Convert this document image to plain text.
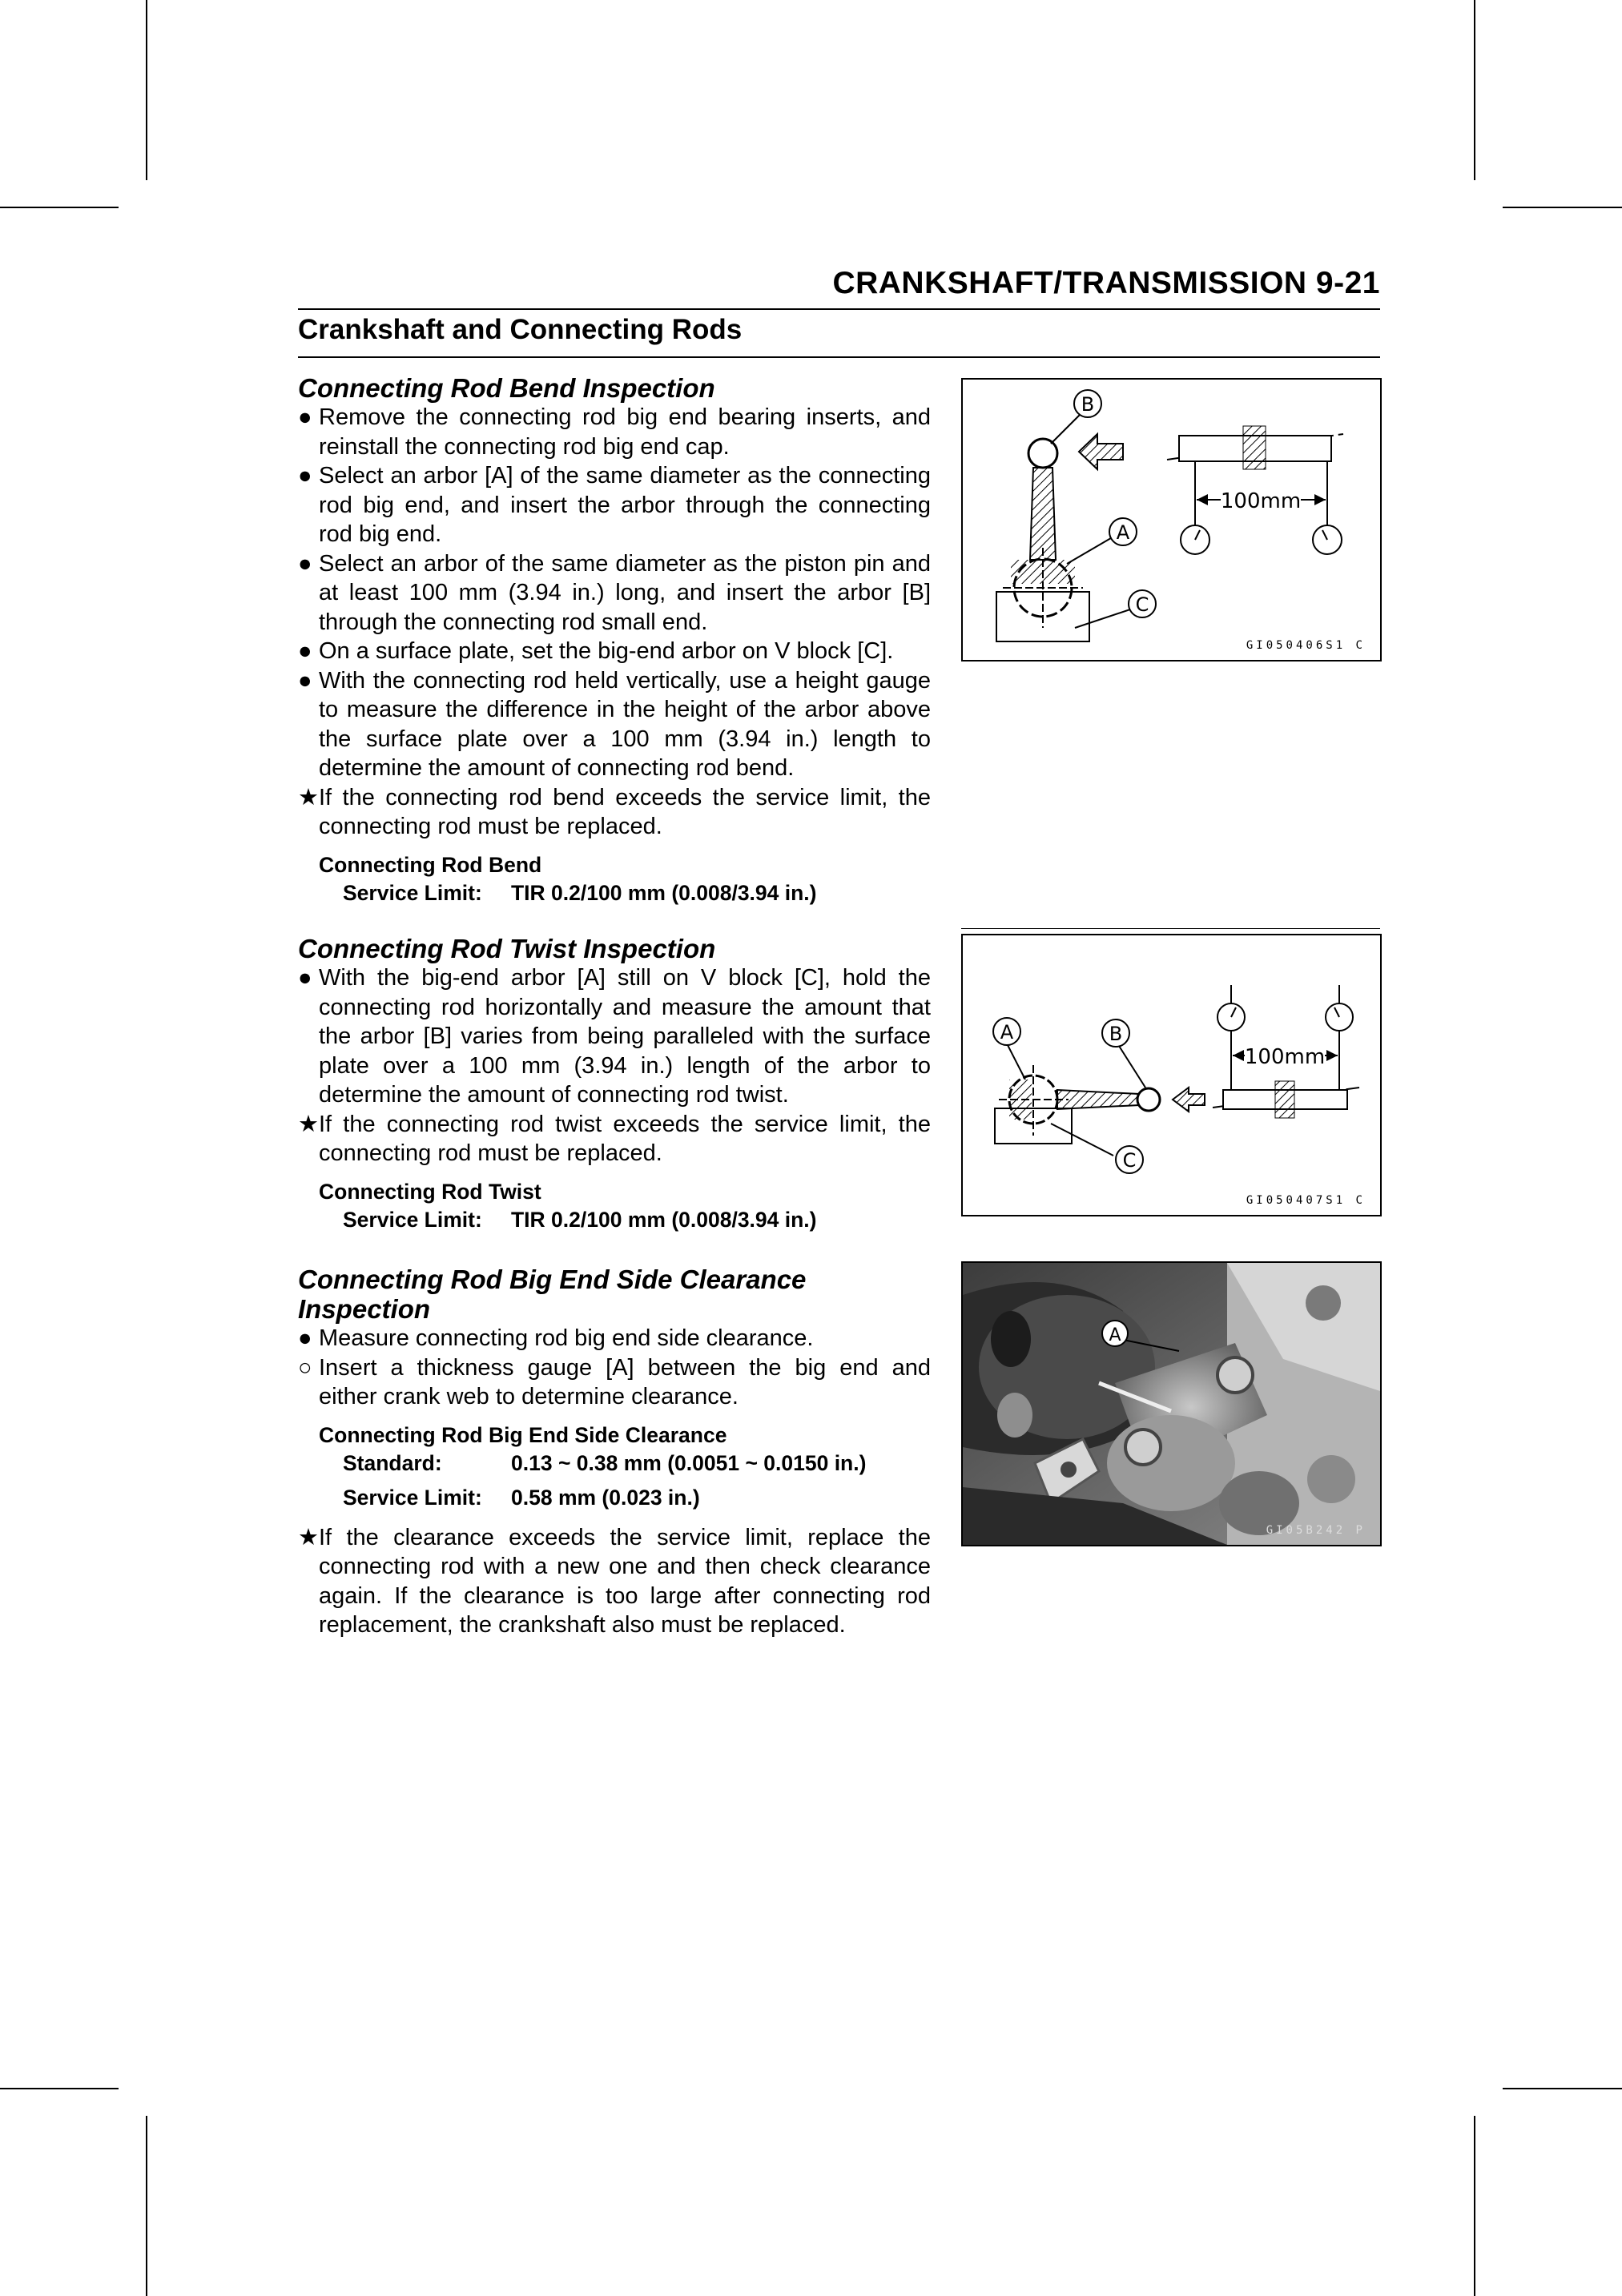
CRANKSHAFT/TRANSMISSION 9-21
Crankshaft and Connecting Rods

Connecting Rod Bend Inspection

● Remove the connecting rod big end bearing inserts, and reinstall the connecting rod big end cap.
● Select an arbor [A] of the same diameter as the connecting rod big end, and insert the arbor through the connecting rod big end.
● Select an arbor of the same diameter as the piston pin and at least 100 mm (3.94 in.) long, and insert the arbor [B] through the connecting rod small end.
● On a surface plate, set the big-end arbor on V block [C].
● With the connecting rod held vertically, use a height gauge to measure the difference in the height of the arbor above the surface plate over a 100 mm (3.94 in.) length to determine the amount of connecting rod bend.
★ If the connecting rod bend exceeds the service limit, the connecting rod must be replaced.
Connecting Rod Bend
Service Limit:	TIR 0.2/100 mm (0.008/3.94 in.)
100mm
B
A
C
GI050406S1 C

Connecting Rod Twist Inspection

● With the big-end arbor [A] still on V block [C], hold the connecting rod horizontally and measure the amount that the arbor [B] varies from being paralleled with the surface plate over a 100 mm (3.94 in.) length of the arbor to determine the amount of connecting rod twist.
★ If the connecting rod twist exceeds the service limit, the connecting rod must be replaced.
Connecting Rod Twist
Service Limit:	TIR 0.2/100 mm (0.008/3.94 in.)
100mm
A	B
C
GI050407S1 C

Connecting Rod Big End Side Clearance Inspection

● Measure connecting rod big end side clearance.
○ Insert a thickness gauge [A] between the big end and either crank web to determine clearance.
Connecting Rod Big End Side Clearance
Standard:	0.13 ~ 0.38 mm (0.0051 ~ 0.0150 in.)
Service Limit:	0.58 mm (0.023 in.)
★ If the clearance exceeds the service limit, replace the connecting rod with a new one and then check clearance again. If the clearance is too large after connecting rod replacement, the crankshaft also must be replaced.
A
GI05B242 P
